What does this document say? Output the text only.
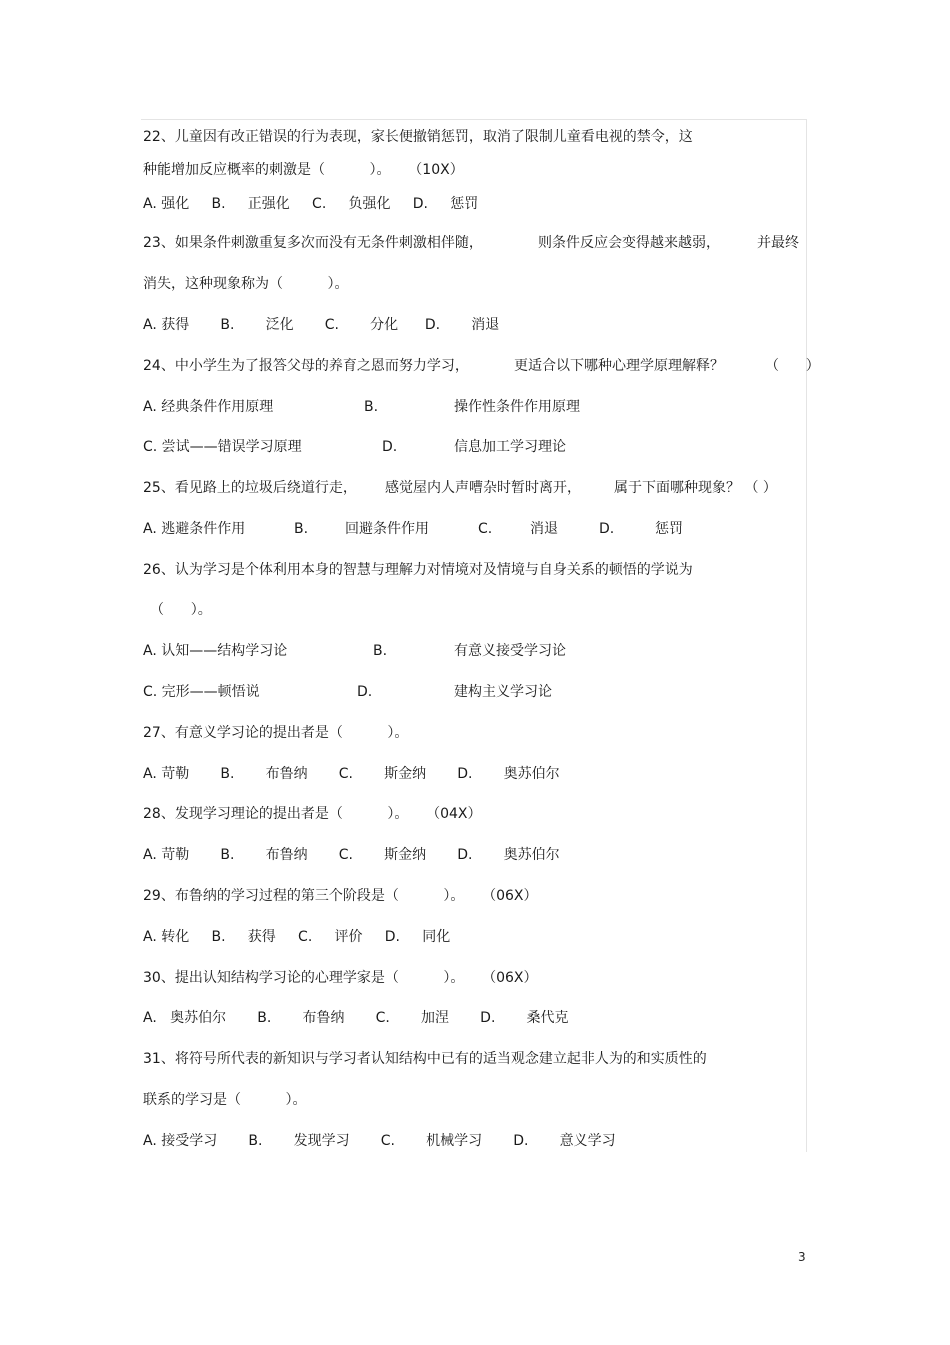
22、儿童因有改正错误的行为表现，家长便撤销惩罚，取消了限制儿童看电视的禁令，这

种能增加反应概率的刺激是（          ）。    （10X）

A. 强化     B.     正强化     C.     负强化     D.     惩罚

23、如果条件刺激重复多次而没有无条件刺激相伴随，	则条件反应会变得越来越弱，	并最终

消失，这种现象称为（          ）。

A. 获得       B.       泛化       C.       分化      D.       消退

24、中小学生为了报答父母的养育之恩而努力学习，	更适合以下哪种心理学原理解释？	（      ）

A. 经典条件作用原理	B.	操作性条件作用原理

C. 尝试——错误学习原理	D.	信息加工学习理论

25、看见路上的垃圾后绕道行走， 感觉屋内人声嘈杂时暂时离开， 属于下面哪种现象？ （ ）

A. 逃避条件作用	B.	回避条件作用	C.	消退	D.	惩罚

26、认为学习是个体利用本身的智慧与理解力对情境对及情境与自身关系的顿悟的学说为

（      ）。

A. 认知——结构学习论	B.	有意义接受学习论

C. 完形——顿悟说	D.	建构主义学习论

27、有意义学习论的提出者是（          ）。

A. 苛勒       B.       布鲁纳       C.       斯金纳       D.       奥苏伯尔

28、发现学习理论的提出者是（          ）。    （04X）

A. 苛勒       B.       布鲁纳       C.       斯金纳       D.       奥苏伯尔

29、布鲁纳的学习过程的第三个阶段是（          ）。    （06X）

A. 转化     B.     获得     C.     评价     D.     同化

30、提出认知结构学习论的心理学家是（          ）。    （06X）

A.   奥苏伯尔       B.       布鲁纳       C.       加涅       D.       桑代克

31、将符号所代表的新知识与学习者认知结构中已有的适当观念建立起非人为的和实质性的

联系的学习是（          ）。

A. 接受学习       B.       发现学习       C.       机械学习       D.       意义学习

3
